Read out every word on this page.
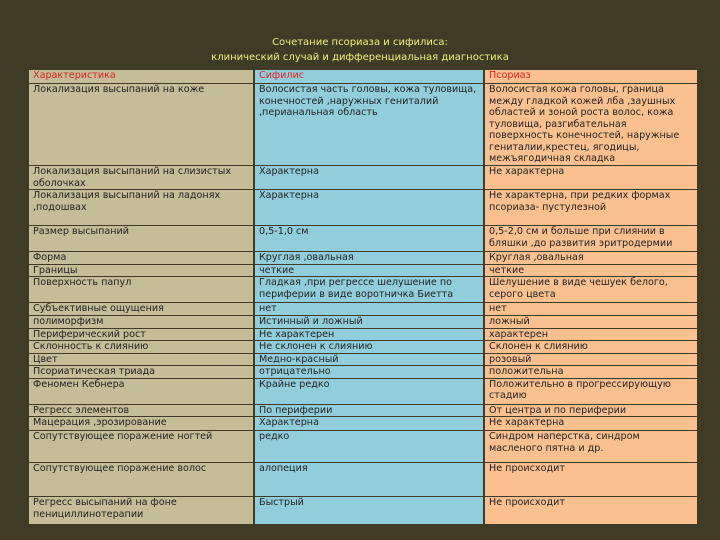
Сочетание псориаза и сифилиса:
клинический случай и дифференциальная диагностика
Характеристика	Сифилис	Псориаз
Локализация высыпаний на коже	Волосистая часть головы, кожа туловища, конечностей ,наружных гениталий ,перианальная область	Волосистая кожа головы, граница между гладкой кожей лба ,заушных областей и зоной роста волос, кожа туловища, разгибательная поверхность конечностей, наружные гениталии,крестец, ягодицы, межъягодичная складка
Локализация высыпаний на слизистых оболочках	Характерна	Не характерна
Локализация высыпаний на ладонях ,подошвах	Характерна	Не характерна, при редких формах псориаза- пустулезной
Размер высыпаний	0,5-1,0 см	0,5-2,0 см и больше при слиянии в бляшки ,до развития эритродермии
Форма	Круглая ,овальная	Круглая ,овальная
Границы	четкие	четкие
Поверхность папул	Гладкая ,при регрессе шелушение по периферии в виде воротничка Биетта	Шелушение в виде чешуек белого, серого цвета
Субъективные ощущения	нет	нет
полиморфизм	Истинный и ложный	ложный
Периферический рост	Не характерен	характерен
Склонность к слиянию	Не склонен к слиянию	Склонен к слиянию
Цвет	Медно-красный	розовый
Псориатическая триада	отрицательно	положительна
Феномен Кебнера	Крайне редко	Положительно в прогрессирующую стадию
Регресс элементов	По периферии	От центра и по периферии
Мацерация ,эрозирование	Характерна	Не характерна
Сопутствующее поражение ногтей	редко	Синдром наперстка, синдром масленого пятна и др.
Сопутствующее поражение волос	алопеция	Не происходит
Регресс высыпаний на фоне пенициллинотерапии	Быстрый	Не происходит
